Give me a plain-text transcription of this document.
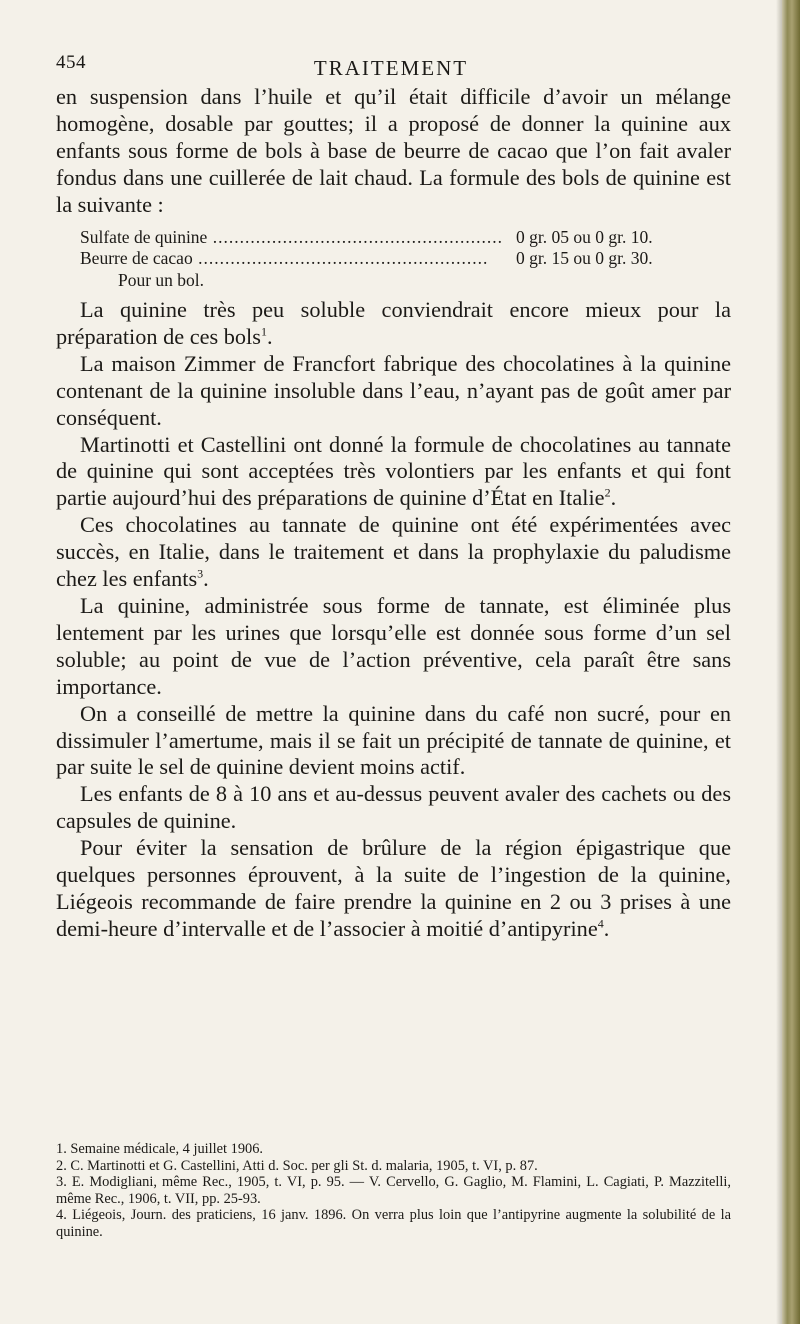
454	TRAITEMENT

en suspension dans l’huile et qu’il était difficile d’avoir un mélange homogène, dosable par gouttes; il a proposé de donner la quinine aux enfants sous forme de bols à base de beurre de cacao que l’on fait avaler fondus dans une cuillerée de lait chaud. La formule des bols de quinine est la suivante :

Sulfate de quinine .....	0 gr. 05 ou 0 gr. 10.
Beurre de cacao .....	0 gr. 15 ou 0 gr. 30.
Pour un bol.

La quinine très peu soluble conviendrait encore mieux pour la préparation de ces bols$^1$.

La maison Zimmer de Francfort fabrique des chocolatines à la quinine contenant de la quinine insoluble dans l’eau, n’ayant pas de goût amer par conséquent.

Martinotti et Castellini ont donné la formule de chocolatines au tannate de quinine qui sont acceptées très volontiers par les enfants et qui font partie aujourd’hui des préparations de quinine d’État en Italie$^2$.

Ces chocolatines au tannate de quinine ont été expérimentées avec succès, en Italie, dans le traitement et dans la prophylaxie du paludisme chez les enfants$^3$.

La quinine, administrée sous forme de tannate, est éliminée plus lentement par les urines que lorsqu’elle est donnée sous forme d’un sel soluble; au point de vue de l’action préventive, cela paraît être sans importance.

On a conseillé de mettre la quinine dans du café non sucré, pour en dissimuler l’amertume, mais il se fait un précipité de tannate de quinine, et par suite le sel de quinine devient moins actif.

Les enfants de 8 à 10 ans et au-dessus peuvent avaler des cachets ou des capsules de quinine.

Pour éviter la sensation de brûlure de la région épigastrique que quelques personnes éprouvent, à la suite de l’ingestion de la quinine, Liégeois recommande de faire prendre la quinine en 2 ou 3 prises à une demi-heure d’intervalle et de l’associer à moitié d’antipyrine$^4$.

1. Semaine médicale, 4 juillet 1906.

2. C. Martinotti et G. Castellini, Atti d. Soc. per gli St. d. malaria, 1905, t. VI, p. 87.

3. E. Modigliani, même Rec., 1905, t. VI, p. 95. — V. Cervello, G. Gaglio, M. Flamini, L. Cagiati, P. Mazzitelli, même Rec., 1906, t. VII, pp. 25-93.

4. Liégeois, Journ. des praticiens, 16 janv. 1896. On verra plus loin que l’antipyrine augmente la solubilité de la quinine.
